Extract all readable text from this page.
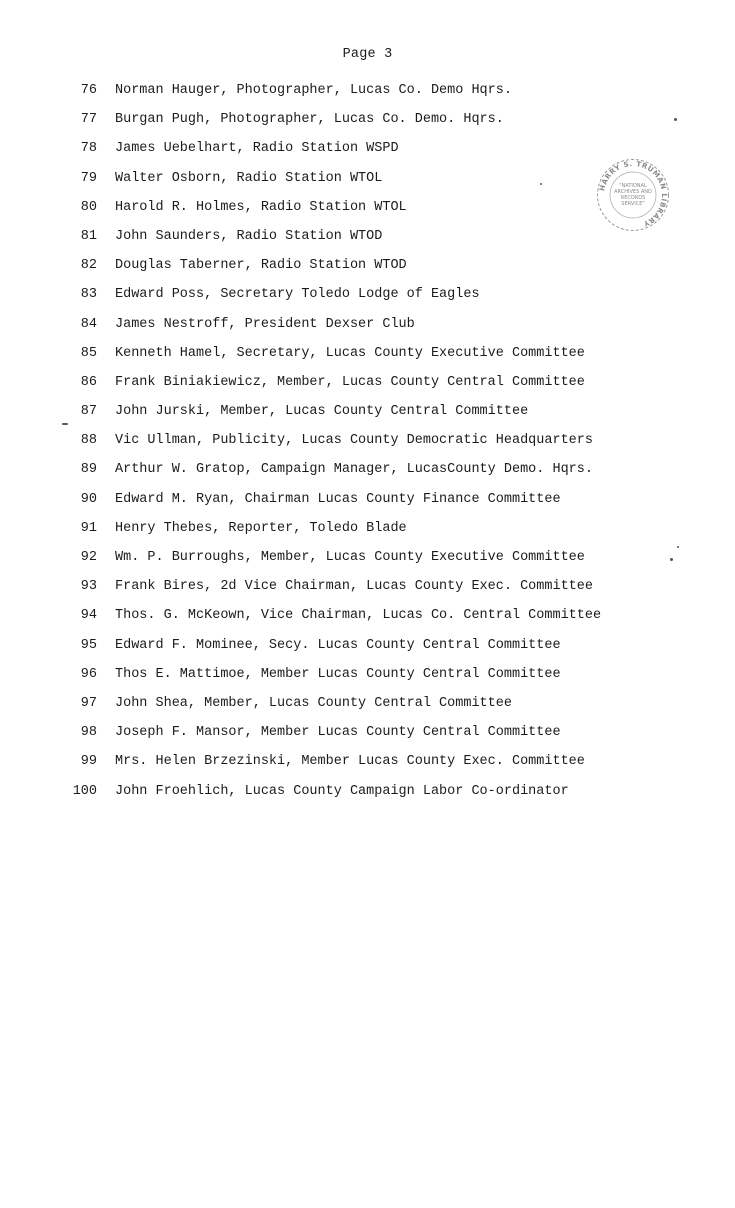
Page 3
76 Norman Hauger, Photographer, Lucas Co. Demo Hqrs.
77 Burgan Pugh, Photographer, Lucas Co. Demo. Hqrs.
78 James Uebelhart, Radio Station WSPD
79 Walter Osborn, Radio Station WTOL
80 Harold R. Holmes, Radio Station WTOL
81 John Saunders, Radio Station WTOD
82 Douglas Taberner, Radio Station WTOD
83 Edward Poss, Secretary Toledo Lodge of Eagles
84 James Nestroff, President Dexser Club
85 Kenneth Hamel, Secretary, Lucas County Executive Committee
86 Frank Biniakiewicz, Member, Lucas County Central Committee
87 John Jurski, Member, Lucas County Central Committee
88 Vic Ullman, Publicity, Lucas County Democratic Headquarters
89 Arthur W. Gratop, Campaign Manager, LucasCounty Demo. Hqrs.
90 Edward M. Ryan, Chairman Lucas County Finance Committee
91 Henry Thebes, Reporter, Toledo Blade
92 Wm. P. Burroughs, Member, Lucas County Executive Committee
93 Frank Bires, 2d Vice Chairman, Lucas County Exec. Committee
94 Thos. G. McKeown, Vice Chairman, Lucas Co. Central Committee
95 Edward F. Mominee, Secy. Lucas County Central Committee
96 Thos E. Mattimoe, Member Lucas County Central Committee
97 John Shea, Member, Lucas County Central Committee
98 Joseph F. Mansor, Member Lucas County Central Committee
99 Mrs. Helen Brzezinski, Member Lucas County Exec. Committee
100 John Froehlich, Lucas County Campaign Labor Co-ordinator
HARRY S. TRUMAN LIBRARY
"NATIONAL
ARCHIVES AND
RECORDS
SERVICE"
